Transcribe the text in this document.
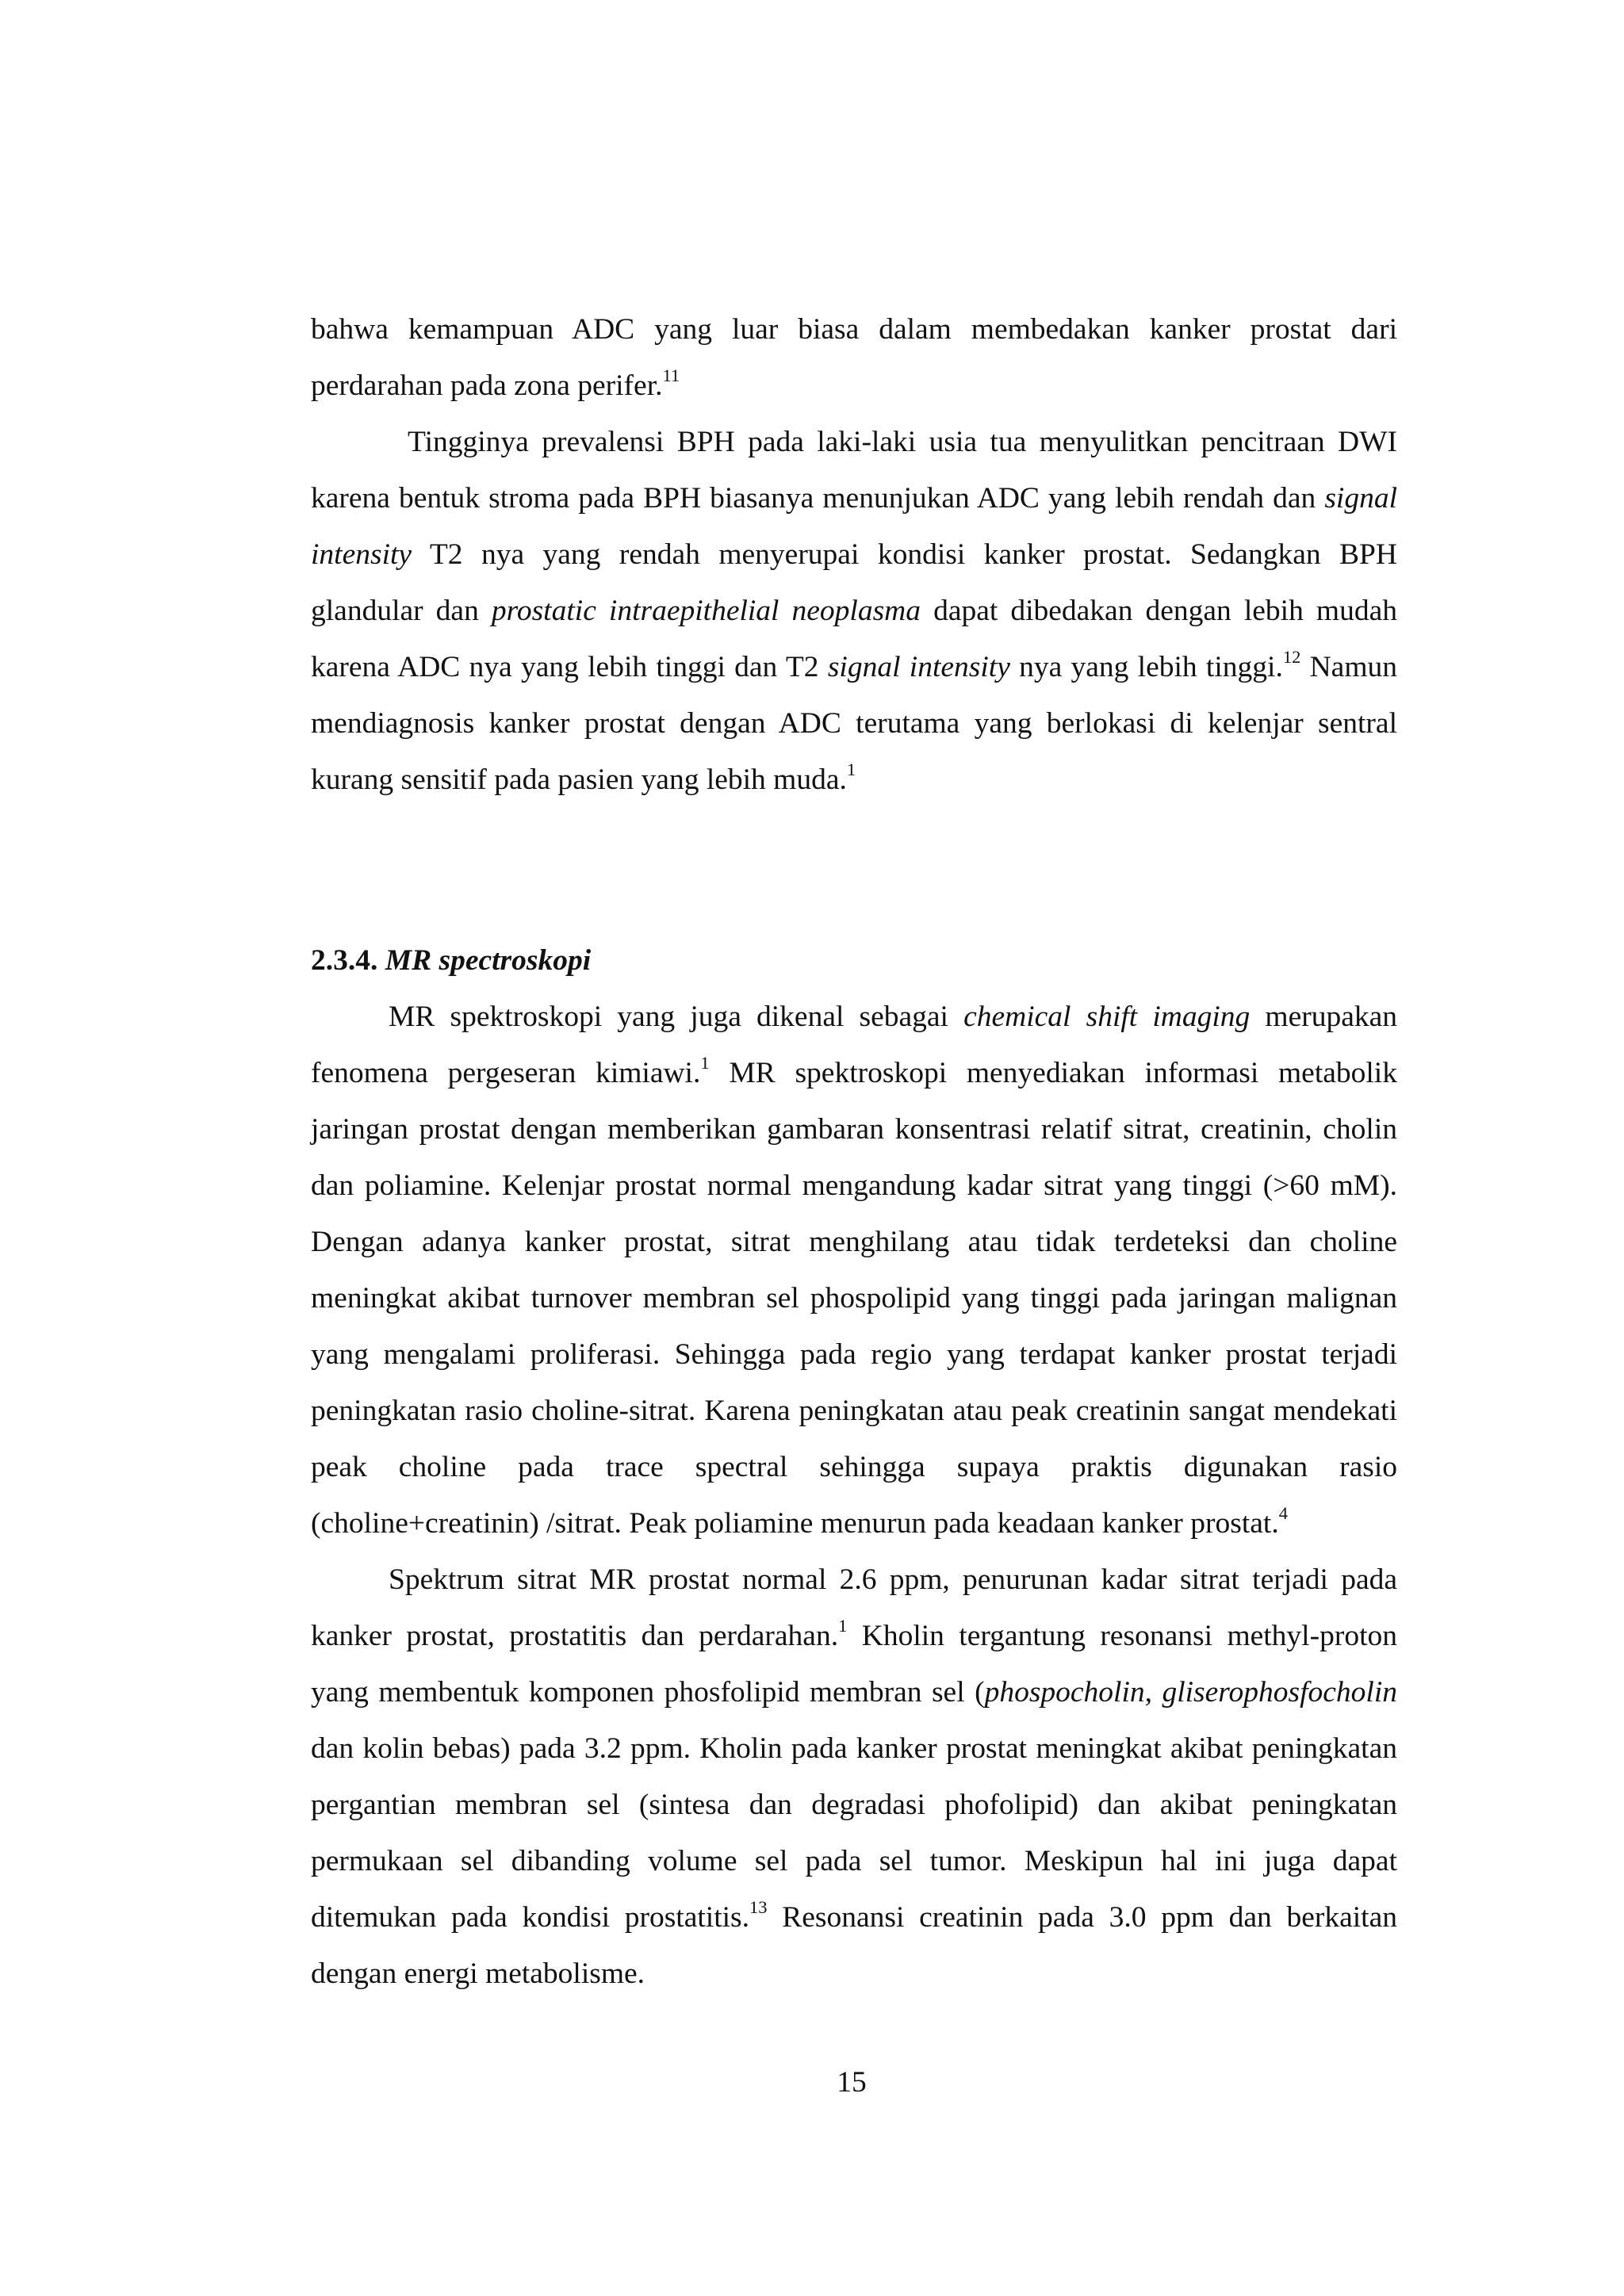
bahwa kemampuan ADC yang luar biasa dalam membedakan kanker prostat dari perdarahan pada zona perifer.$^{11}$

Tingginya prevalensi BPH pada laki-laki usia tua menyulitkan pencitraan DWI karena bentuk stroma pada BPH biasanya menunjukan ADC yang lebih rendah dan signal intensity T2 nya yang rendah menyerupai kondisi kanker prostat. Sedangkan BPH glandular dan prostatic intraepithelial neoplasma dapat dibedakan dengan lebih mudah karena ADC nya yang lebih tinggi dan T2 signal intensity nya yang lebih tinggi.$^{12}$ Namun mendiagnosis kanker prostat dengan ADC terutama yang berlokasi di kelenjar sentral kurang sensitif pada pasien yang lebih muda.$^1$

2.3.4. MR spectroskopi

MR spektroskopi yang juga dikenal sebagai chemical shift imaging merupakan fenomena pergeseran kimiawi.$^1$ MR spektroskopi menyediakan informasi metabolik jaringan prostat dengan memberikan gambaran konsentrasi relatif sitrat, creatinin, cholin dan poliamine. Kelenjar prostat normal mengandung kadar sitrat yang tinggi (>60 mM). Dengan adanya kanker prostat, sitrat menghilang atau tidak terdeteksi dan choline meningkat akibat turnover membran sel phospolipid yang tinggi pada jaringan malignan yang mengalami proliferasi. Sehingga pada regio yang terdapat kanker prostat terjadi peningkatan rasio choline-sitrat. Karena peningkatan atau peak creatinin sangat mendekati peak choline pada trace spectral sehingga supaya praktis digunakan rasio (choline+creatinin) /sitrat. Peak poliamine menurun pada keadaan kanker prostat.$^4$

Spektrum sitrat MR prostat normal 2.6 ppm, penurunan kadar sitrat terjadi pada kanker prostat, prostatitis dan perdarahan.$^1$ Kholin tergantung resonansi methyl-proton yang membentuk komponen phosfolipid membran sel (phospocholin, gliserophosfocholin dan kolin bebas) pada 3.2 ppm. Kholin pada kanker prostat meningkat akibat peningkatan pergantian membran sel (sintesa dan degradasi phofolipid) dan akibat peningkatan permukaan sel dibanding volume sel pada sel tumor. Meskipun hal ini juga dapat ditemukan pada kondisi prostatitis.$^{13}$ Resonansi creatinin pada 3.0 ppm dan berkaitan dengan energi metabolisme.

15
